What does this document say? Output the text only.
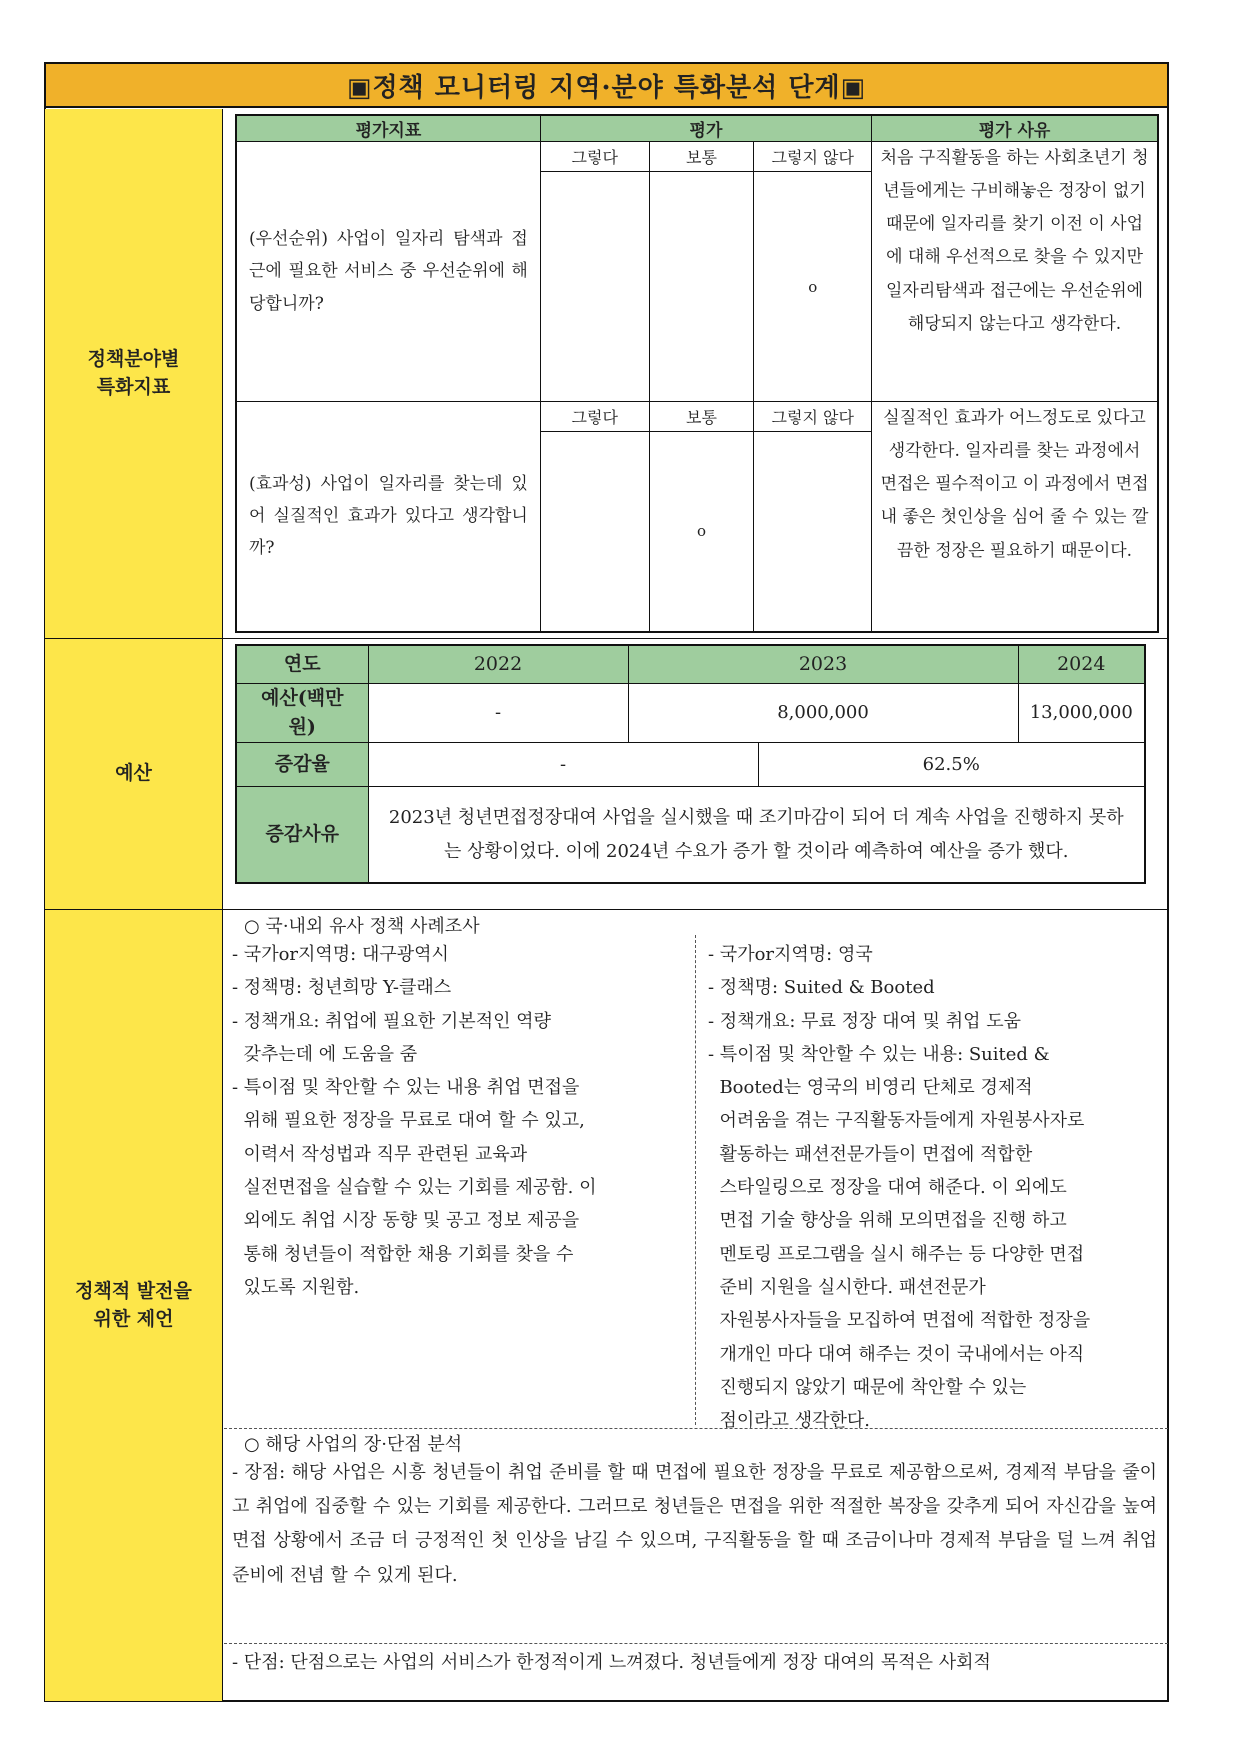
▣정책 모니터링 지역·분야 특화분석 단계▣
정책분야별
특화지표
예산
정책적 발전을
위한 제언
평가지표	평가			평가 사유
(우선순위) 사업이 일자리 탐색과 접근에 필요한 서비스 중 우선순위에 해당합니까?	그렇다	보통	그렇지 않다	처음 구직활동을 하는 사회초년기 청년들에게는 구비해놓은 정장이 없기 때문에 일자리를 찾기 이전 이 사업에 대해 우선적으로 찾을 수 있지만 일자리탐색과 접근에는 우선순위에 해당되지 않는다고 생각한다.
			o	
(효과성) 사업이 일자리를 찾는데 있어 실질적인 효과가 있다고 생각합니까?	그렇다	보통	그렇지 않다	실질적인 효과가 어느정도로 있다고 생각한다. 일자리를 찾는 과정에서 면접은 필수적이고 이 과정에서 면접 내 좋은 첫인상을 심어 줄 수 있는 깔끔한 정장은 필요하기 때문이다.
		o		
연도	2022	2023		2024
예산(백만
원)	-	8,000,000		13,000,000
증감율	-		62.5%	
증감사유	2023년 청년면접정장대여 사업을 실시했을 때 조기마감이 되어 더 계속 사업을 진행하지 못하는 상황이었다. 이에 2024년 수요가 증가 할 것이라 예측하여 예산을 증가 했다.			
○ 국·내외 유사 정책 사례조사
- 국가or지역명: 대구광역시
- 정책명: 청년희망 Y-클래스
- 정책개요: 취업에 필요한 기본적인 역량
갖추는데 에 도움을 줌
- 특이점 및 착안할 수 있는 내용 취업 면접을
위해 필요한 정장을 무료로 대여 할 수 있고,
이력서 작성법과 직무 관련된 교육과
실전면접을 실습할 수 있는 기회를 제공함. 이
외에도 취업 시장 동향 및 공고 정보 제공을
통해 청년들이 적합한 채용 기회를 찾을 수
있도록 지원함.
- 국가or지역명: 영국
- 정책명: Suited & Booted
- 정책개요: 무료 정장 대여 및 취업 도움
- 특이점 및 착안할 수 있는 내용: Suited &
Booted는 영국의 비영리 단체로 경제적
어려움을 겪는 구직활동자들에게 자원봉사자로
활동하는 패션전문가들이 면접에 적합한
스타일링으로 정장을 대여 해준다. 이 외에도
면접 기술 향상을 위해 모의면접을 진행 하고
멘토링 프로그램을 실시 해주는 등 다양한 면접
준비 지원을 실시한다. 패션전문가
자원봉사자들을 모집하여 면접에 적합한 정장을
개개인 마다 대여 해주는 것이 국내에서는 아직
진행되지 않았기 때문에 착안할 수 있는
점이라고 생각한다.
○ 해당 사업의 장·단점 분석
- 장점: 해당 사업은 시흥 청년들이 취업 준비를 할 때 면접에 필요한 정장을 무료로 제공함으로써, 경제적 부담을 줄이고 취업에 집중할 수 있는 기회를 제공한다. 그러므로 청년들은 면접을 위한 적절한 복장을 갖추게 되어 자신감을 높여 면접 상황에서 조금 더 긍정적인 첫 인상을 남길 수 있으며, 구직활동을 할 때 조금이나마 경제적 부담을 덜 느껴 취업준비에 전념 할 수 있게 된다.
- 단점: 단점으로는 사업의 서비스가 한정적이게 느껴졌다. 청년들에게 정장 대여의 목적은 사회적
